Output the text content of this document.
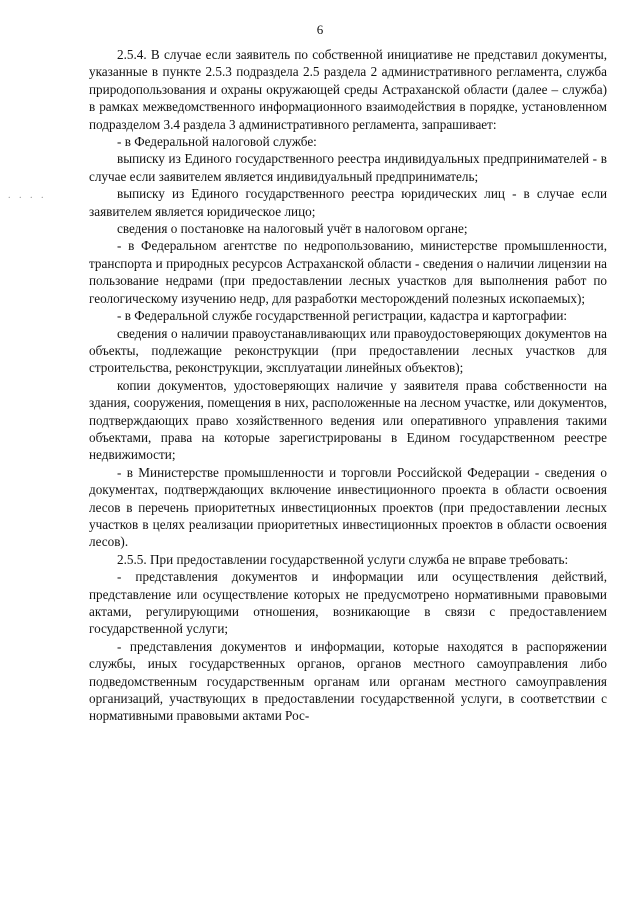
. . . .
6

2.5.4. В случае если заявитель по собственной инициативе не представил документы, указанные в пункте 2.5.3 подраздела 2.5 раздела 2 административного регламента, служба природопользования и охраны окружающей среды Астраханской области (далее – служба) в рамках межведомственного информационного взаимодействия в порядке, установленном подразделом 3.4 раздела 3 административного регламента, запрашивает:

- в Федеральной налоговой службе:

выписку из Единого государственного реестра индивидуальных предпринимателей - в случае если заявителем является индивидуальный предприниматель;

выписку из Единого государственного реестра юридических лиц - в случае если заявителем является юридическое лицо;

сведения о постановке на налоговый учёт в налоговом органе;

- в Федеральном агентстве по недропользованию, министерстве промышленности, транспорта и природных ресурсов Астраханской области - сведения о наличии лицензии на пользование недрами (при предоставлении лесных участков для выполнения работ по геологическому изучению недр, для разработки месторождений полезных ископаемых);

- в Федеральной службе государственной регистрации, кадастра и картографии:

сведения о наличии правоустанавливающих или правоудостоверяющих документов на объекты, подлежащие реконструкции (при предоставлении лесных участков для строительства, реконструкции, эксплуатации линейных объектов);

копии документов, удостоверяющих наличие у заявителя права собственности на здания, сооружения, помещения в них, расположенные на лесном участке, или документов, подтверждающих право хозяйственного ведения или оперативного управления такими объектами, права на которые зарегистрированы в Едином государственном реестре недвижимости;

- в Министерстве промышленности и торговли Российской Федерации - сведения о документах, подтверждающих включение инвестиционного проекта в области освоения лесов в перечень приоритетных инвестиционных проектов (при предоставлении лесных участков в целях реализации приоритетных инвестиционных проектов в области освоения лесов).

2.5.5. При предоставлении государственной услуги служба не вправе требовать:

- представления документов и информации или осуществления действий, представление или осуществление которых не предусмотрено нормативными правовыми актами, регулирующими отношения, возникающие в связи с предоставлением государственной услуги;

- представления документов и информации, которые находятся в распоряжении службы, иных государственных органов, органов местного самоуправления либо подведомственным государственным органам или органам местного самоуправления организаций, участвующих в предоставлении государственной услуги, в соответствии с нормативными правовыми актами Рос-
